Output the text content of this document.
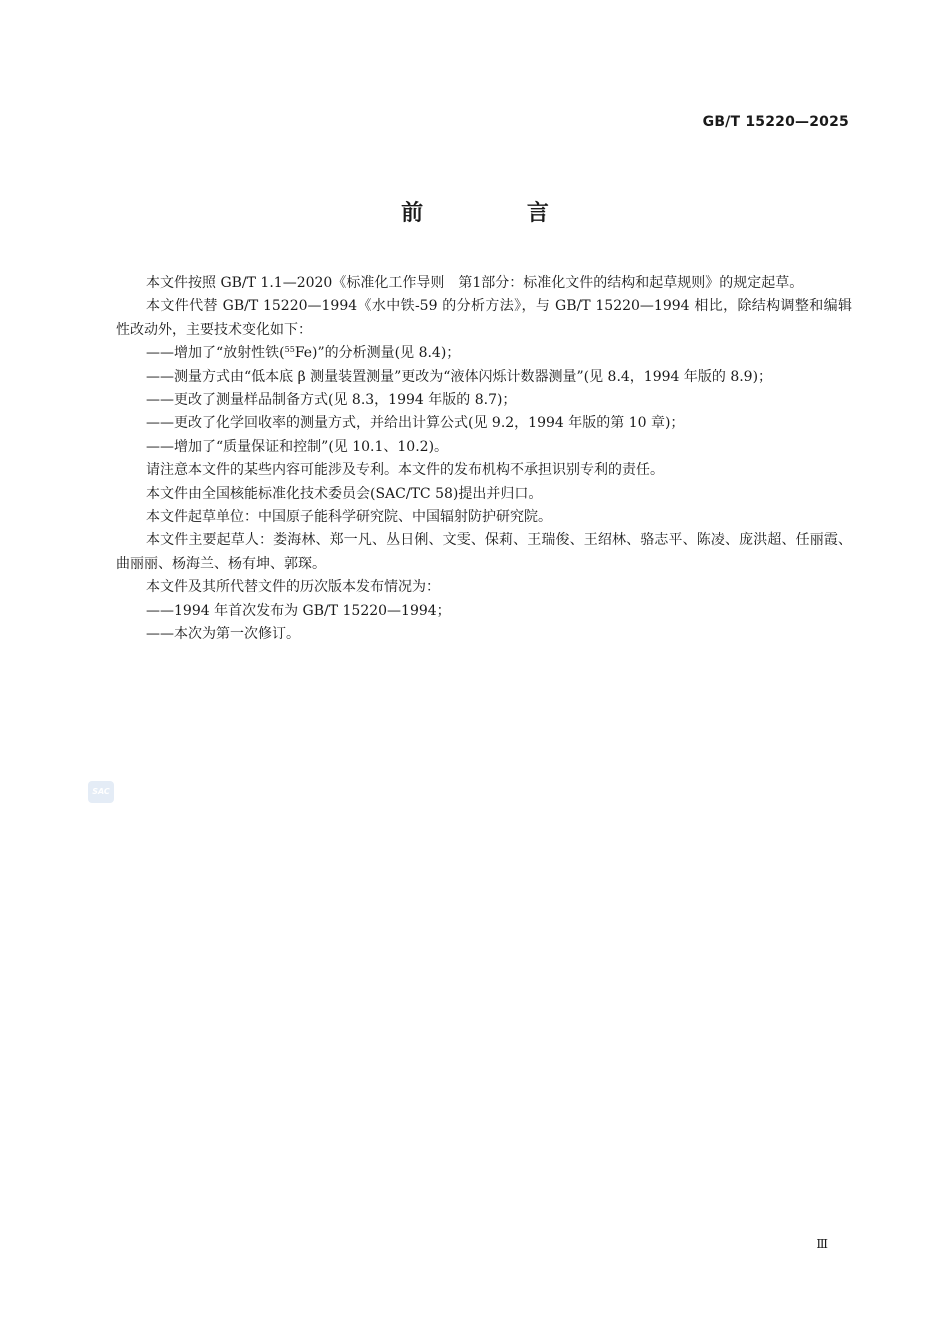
GB/T 15220—2025
前 言

本文件按照 GB/T 1.1—2020《标准化工作导则　第1部分：标准化文件的结构和起草规则》的规定起草。

本文件代替 GB/T 15220—1994《水中铁-59 的分析方法》，与 GB/T 15220—1994 相比，除结构调整和编辑性改动外，主要技术变化如下：

——增加了“放射性铁($^{55}$Fe)”的分析测量(见 8.4)；

——测量方式由“低本底 β 测量装置测量”更改为“液体闪烁计数器测量”(见 8.4，1994 年版的 8.9)；

——更改了测量样品制备方式(见 8.3，1994 年版的 8.7)；

——更改了化学回收率的测量方式，并给出计算公式(见 9.2，1994 年版的第 10 章)；

——增加了“质量保证和控制”(见 10.1、10.2)。

请注意本文件的某些内容可能涉及专利。本文件的发布机构不承担识别专利的责任。

本文件由全国核能标准化技术委员会(SAC/TC 58)提出并归口。

本文件起草单位：中国原子能科学研究院、中国辐射防护研究院。

本文件主要起草人：娄海林、郑一凡、丛日俐、文雯、保莉、王瑞俊、王绍林、骆志平、陈凌、庞洪超、任丽霞、曲丽丽、杨海兰、杨有坤、郭琛。

本文件及其所代替文件的历次版本发布情况为：

——1994 年首次发布为 GB/T 15220—1994；

——本次为第一次修订。

SAC
Ⅲ
